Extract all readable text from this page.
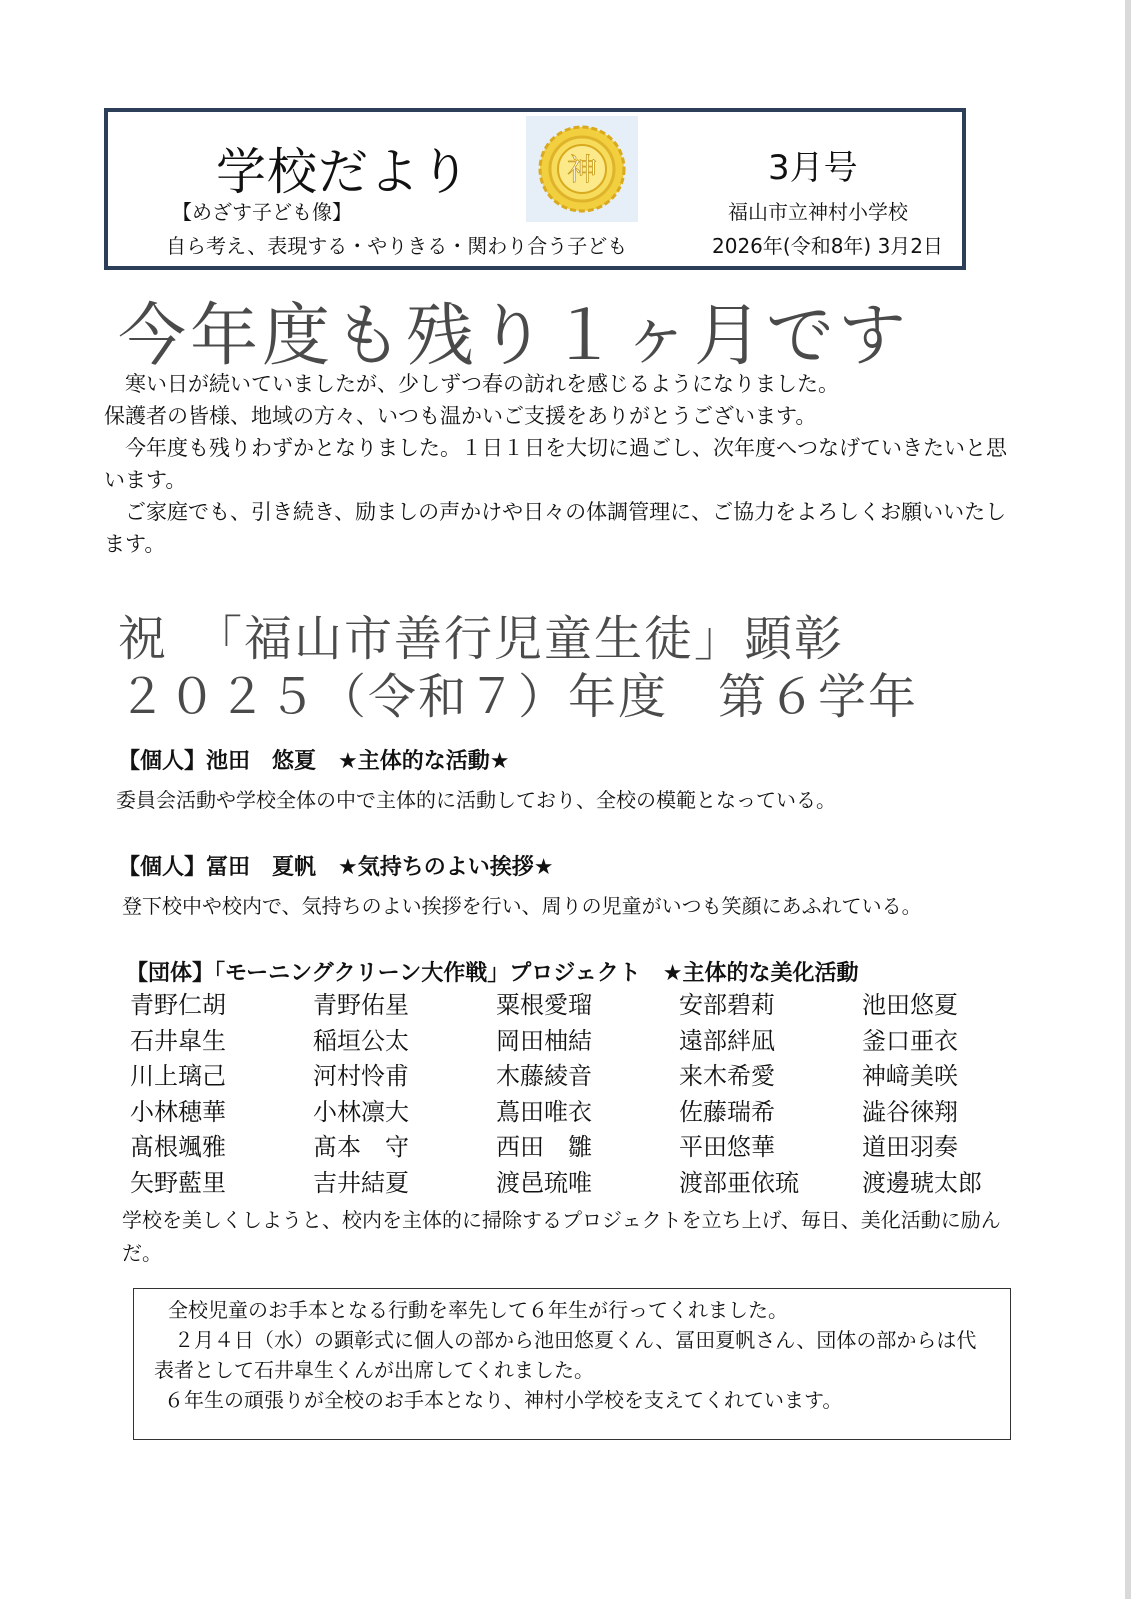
学校だより	神	3月号
【めざす子ども像】
自ら考え、表現する・やりきる・関わり合う子ども
福山市立神村小学校
2026年(令和8年) 3月2日
今年度も残り１ヶ月です

寒い日が続いていましたが、少しずつ春の訪れを感じるようになりました。

保護者の皆様、地域の方々、いつも温かいご支援をありがとうございます。

今年度も残りわずかとなりました。１日１日を大切に過ごし、次年度へつなげていきたいと思います。

ご家庭でも、引き続き、励ましの声かけや日々の体調管理に、ご協力をよろしくお願いいたします。

祝　「福山市善行児童生徒」顕彰
２０２５（令和７）年度　第６学年
【個人】池田　悠夏　★主体的な活動★
委員会活動や学校全体の中で主体的に活動しており、全校の模範となっている。
【個人】冨田　夏帆　★気持ちのよい挨拶★
登下校中や校内で、気持ちのよい挨拶を行い、周りの児童がいつも笑顔にあふれている。
【団体】「モーニングクリーン大作戦」プロジェクト　★主体的な美化活動
青野仁胡	青野佑星	粟根愛瑠	安部碧莉	池田悠夏
石井皐生	稲垣公太	岡田柚結	遠部絆凪	釜口亜衣
川上璃己	河村怜甫	木藤綾音	来木希愛	神﨑美咲
小林穂華	小林凛大	蔦田唯衣	佐藤瑞希	澁谷徠翔
髙根颯雅	髙本　守	西田　雛	平田悠華	道田羽奏
矢野藍里	吉井結夏	渡邑琉唯	渡部亜依琉	渡邊琥太郎
学校を美しくしようと、校内を主体的に掃除するプロジェクトを立ち上げ、毎日、美化活動に励んだ。

全校児童のお手本となる行動を率先して６年生が行ってくれました。

２月４日（水）の顕彰式に個人の部から池田悠夏くん、冨田夏帆さん、団体の部からは代表者として石井皐生くんが出席してくれました。

６年生の頑張りが全校のお手本となり、神村小学校を支えてくれています。
